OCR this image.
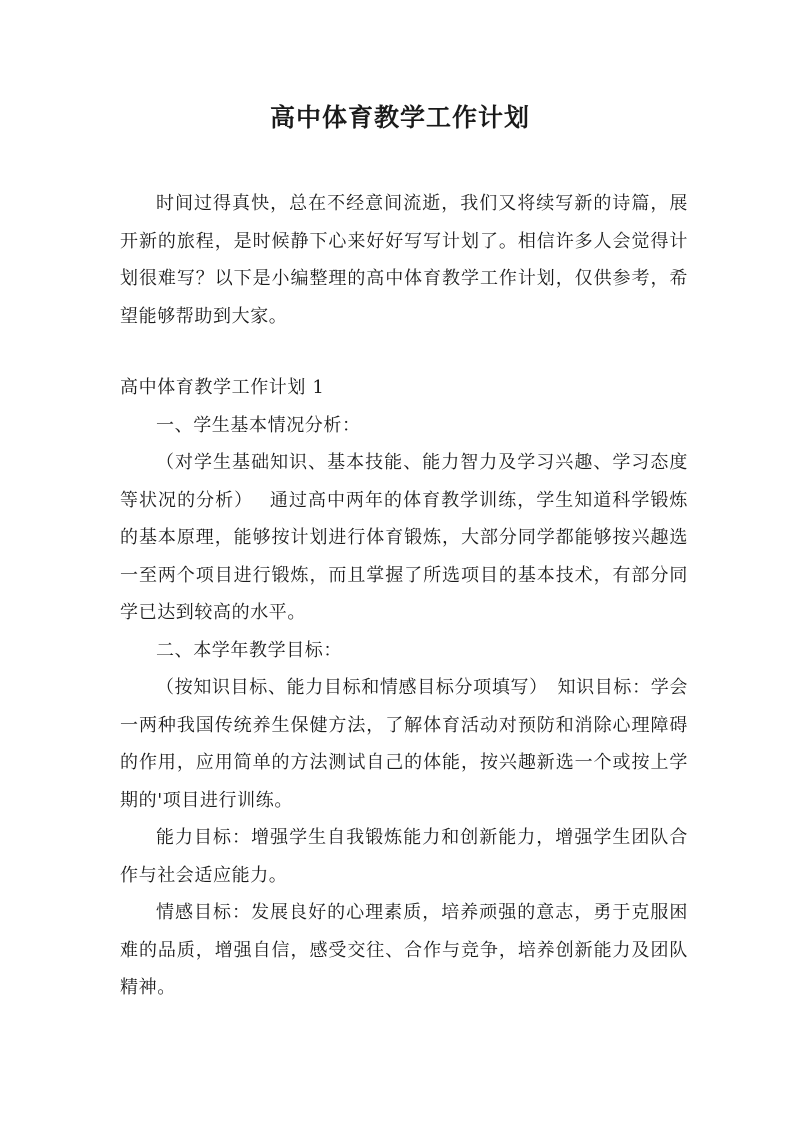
高中体育教学工作计划

时间过得真快，总在不经意间流逝，我们又将续写新的诗篇，展开新的旅程，是时候静下心来好好写写计划了。相信许多人会觉得计划很难写？以下是小编整理的高中体育教学工作计划，仅供参考，希望能够帮助到大家。

高中体育教学工作计划 1

一、学生基本情况分析：

（对学生基础知识、基本技能、能力智力及学习兴趣、学习态度等状况的分析）　 通过高中两年的体育教学训练，学生知道科学锻炼的基本原理，能够按计划进行体育锻炼，大部分同学都能够按兴趣选一至两个项目进行锻炼，而且掌握了所选项目的基本技术，有部分同学已达到较高的水平。

二、本学年教学目标：

（按知识目标、能力目标和情感目标分项填写）　知识目标：学会一两种我国传统养生保健方法，了解体育活动对预防和消除心理障碍的作用，应用简单的方法测试自己的体能，按兴趣新选一个或按上学期的'项目进行训练。

能力目标：增强学生自我锻炼能力和创新能力，增强学生团队合作与社会适应能力。

情感目标：发展良好的心理素质，培养顽强的意志，勇于克服困难的品质，增强自信，感受交往、合作与竞争，培养创新能力及团队精神。
